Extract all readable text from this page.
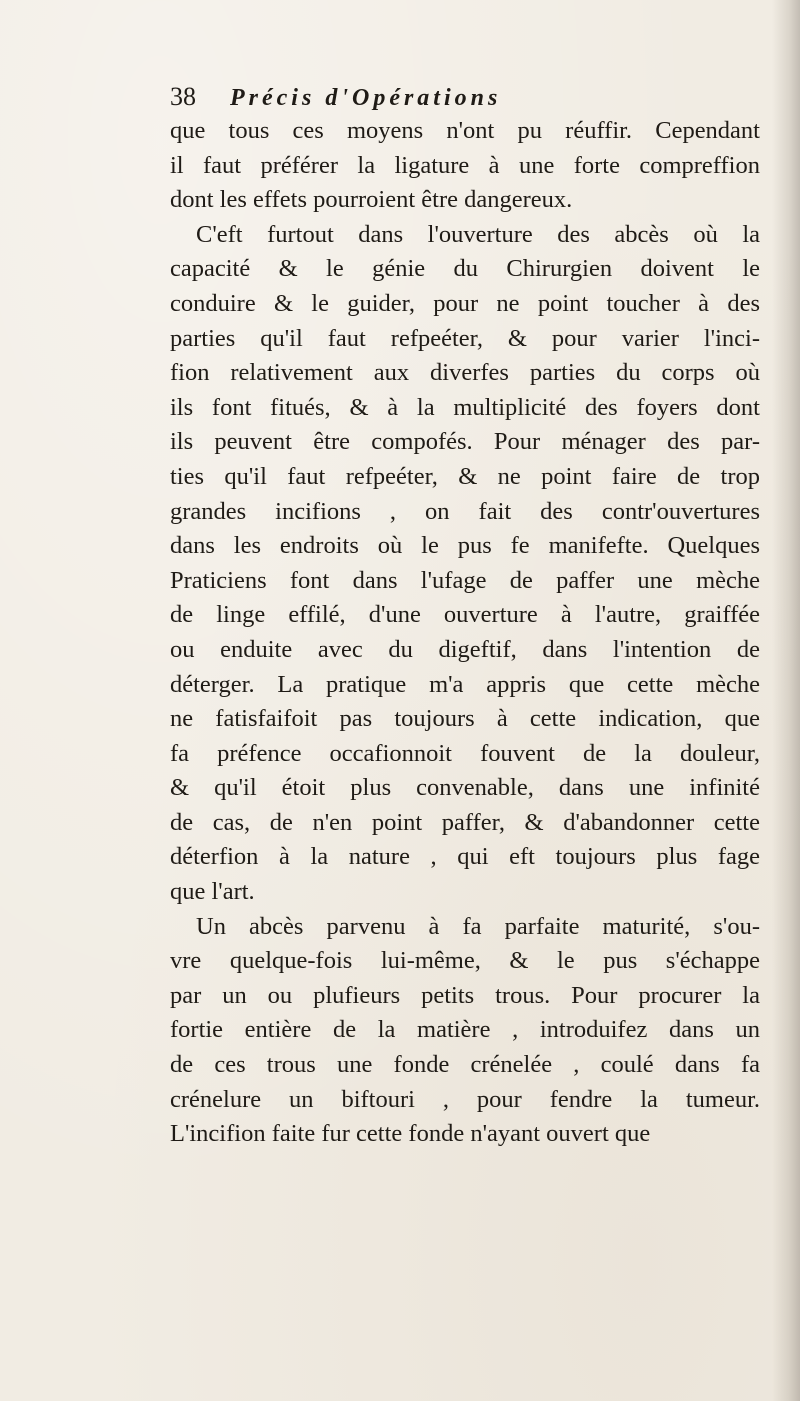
38 Précis d'Opérations
que tous ces moyens n'ont pu réuffir. Cependant
il faut préférer la ligature à une forte compreffion
dont les effets pourroient être dangereux.
C'eft furtout dans l'ouverture des abcès où la
capacité & le génie du Chirurgien doivent le
conduire & le guider, pour ne point toucher à des
parties qu'il faut refpeéter, & pour varier l'inci-
fion relativement aux diverfes parties du corps où
ils font fitués, & à la multiplicité des foyers dont
ils peuvent être compofés. Pour ménager des par-
ties qu'il faut refpeéter, & ne point faire de trop
grandes incifions , on fait des contr'ouvertures
dans les endroits où le pus fe manifefte. Quelques
Praticiens font dans l'ufage de paffer une mèche
de linge effilé, d'une ouverture à l'autre, graiffée
ou enduite avec du digeftif, dans l'intention de
déterger. La pratique m'a appris que cette mèche
ne fatisfaifoit pas toujours à cette indication, que
fa préfence occafionnoit fouvent de la douleur,
& qu'il étoit plus convenable, dans une infinité
de cas, de n'en point paffer, & d'abandonner cette
déterfion à la nature , qui eft toujours plus fage
que l'art.
Un abcès parvenu à fa parfaite maturité, s'ou-
vre quelque-fois lui-même, & le pus s'échappe
par un ou plufieurs petits trous. Pour procurer la
fortie entière de la matière , introduifez dans un
de ces trous une fonde crénelée , coulé dans fa
crénelure un biftouri , pour fendre la tumeur.
L'incifion faite fur cette fonde n'ayant ouvert que
